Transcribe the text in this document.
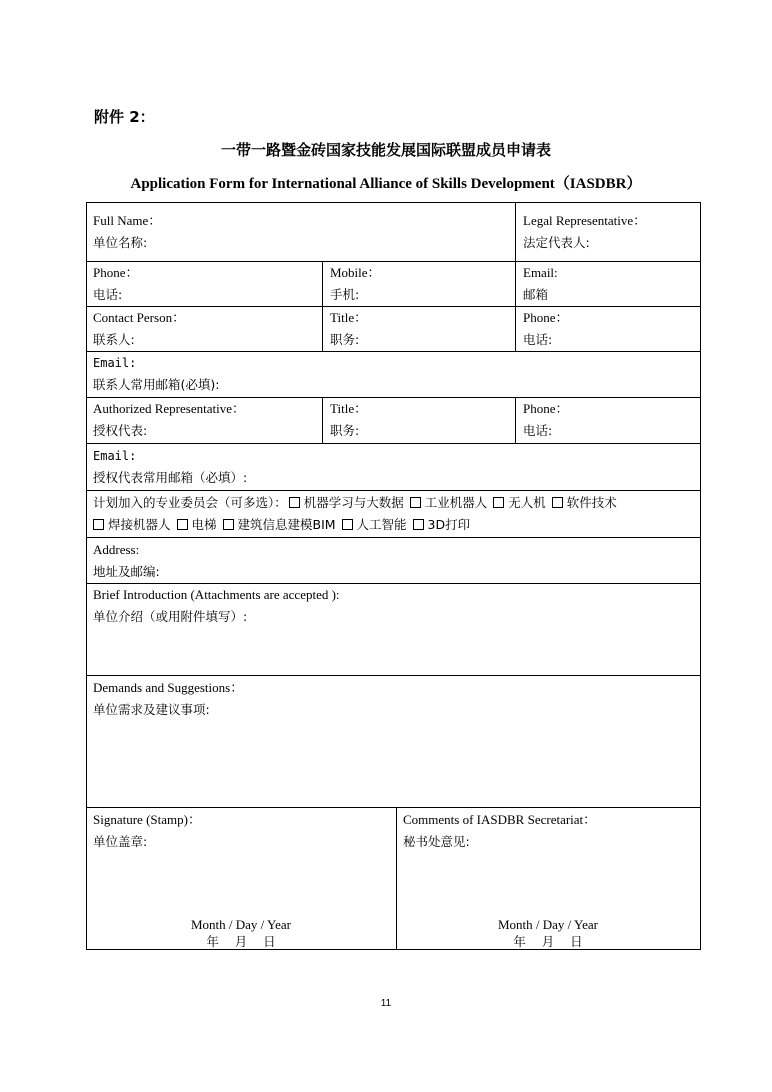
附件 2：
一带一路暨金砖国家技能发展国际联盟成员申请表
Application Form for International Alliance of Skills Development（IASDBR）
Full Name：
单位名称:
Legal Representative：
法定代表人:
Phone：
电话:
Mobile：
手机:
Email:
邮箱
Contact Person：
联系人:
Title：
职务:
Phone：
电话:
Email:
联系人常用邮箱(必填):
Authorized Representative：
授权代表:
Title：
职务:
Phone：
电话:
Email:
授权代表常用邮箱（必填）:
计划加入的专业委员会（可多选）： 机器学习与大数据 工业机器人 无人机 软件技术
焊接机器人 电梯 建筑信息建模BIM 人工智能 3D打印
Address:
地址及邮编:
Brief Introduction (Attachments are accepted ):
单位介绍（或用附件填写）:
Demands and Suggestions：
单位需求及建议事项:
Signature (Stamp)：
单位盖章:
Month / Day / Year
年    月    日
Comments of IASDBR Secretariat：
秘书处意见:
Month / Day / Year
年    月    日
11
